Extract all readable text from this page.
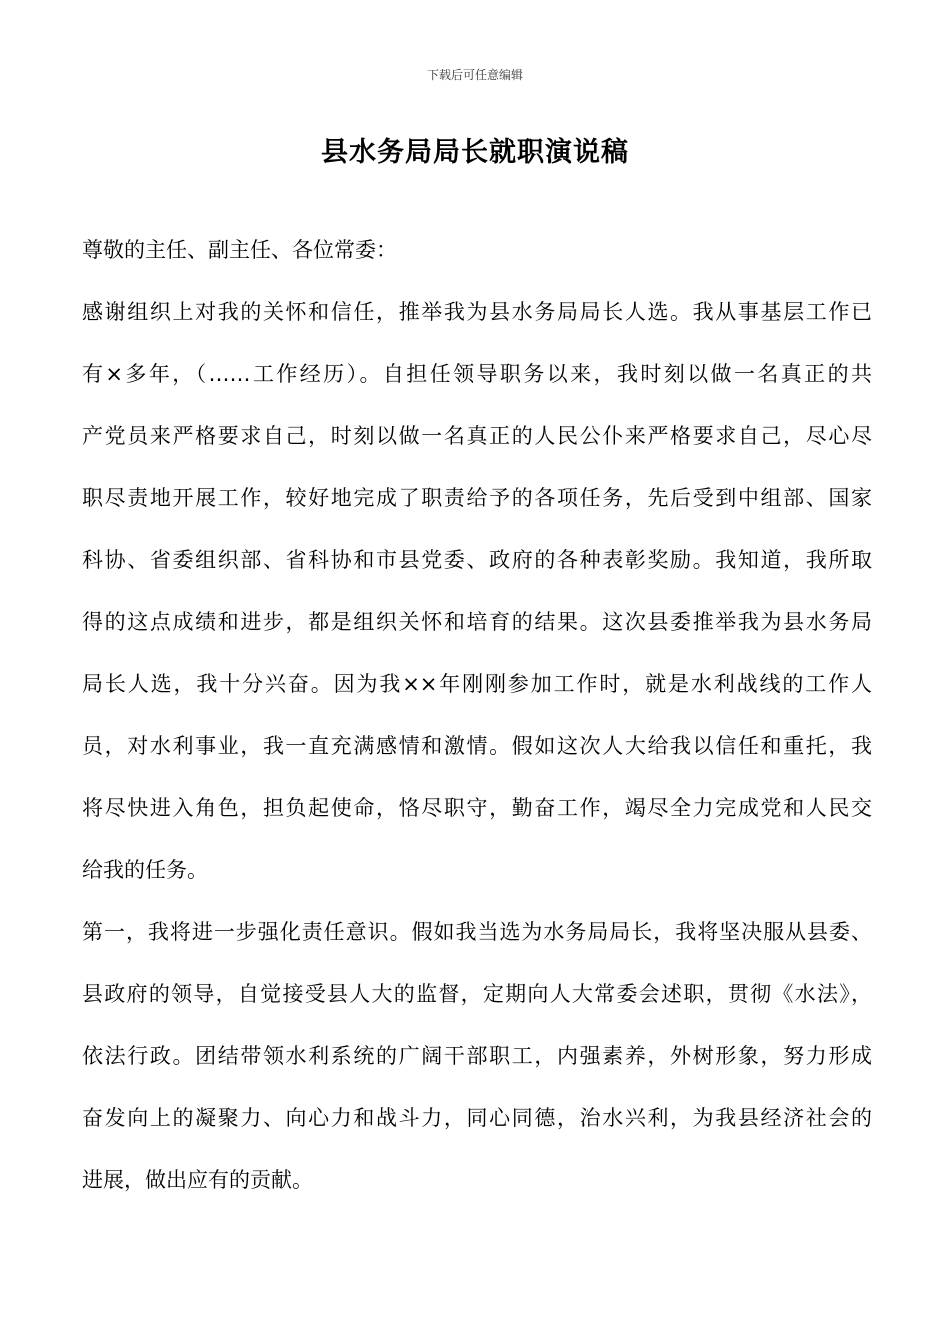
下载后可任意编辑
县水务局局长就职演说稿

尊敬的主任、副主任、各位常委：

感谢组织上对我的关怀和信任，推举我为县水务局局长人选。我从事基层工作已
有×多年，（……工作经历）。自担任领导职务以来，我时刻以做一名真正的共
产党员来严格要求自己，时刻以做一名真正的人民公仆来严格要求自己，尽心尽
职尽责地开展工作，较好地完成了职责给予的各项任务，先后受到中组部、国家
科协、省委组织部、省科协和市县党委、政府的各种表彰奖励。我知道，我所取
得的这点成绩和进步，都是组织关怀和培育的结果。这次县委推举我为县水务局
局长人选，我十分兴奋。因为我××年刚刚参加工作时，就是水利战线的工作人
员，对水利事业，我一直充满感情和激情。假如这次人大给我以信任和重托，我
将尽快进入角色，担负起使命，恪尽职守，勤奋工作，竭尽全力完成党和人民交
给我的任务。

第一，我将进一步强化责任意识。假如我当选为水务局局长，我将坚决服从县委、
县政府的领导，自觉接受县人大的监督，定期向人大常委会述职，贯彻《水法》，
依法行政。团结带领水利系统的广阔干部职工，内强素养，外树形象，努力形成
奋发向上的凝聚力、向心力和战斗力，同心同德，治水兴利，为我县经济社会的
进展，做出应有的贡献。
